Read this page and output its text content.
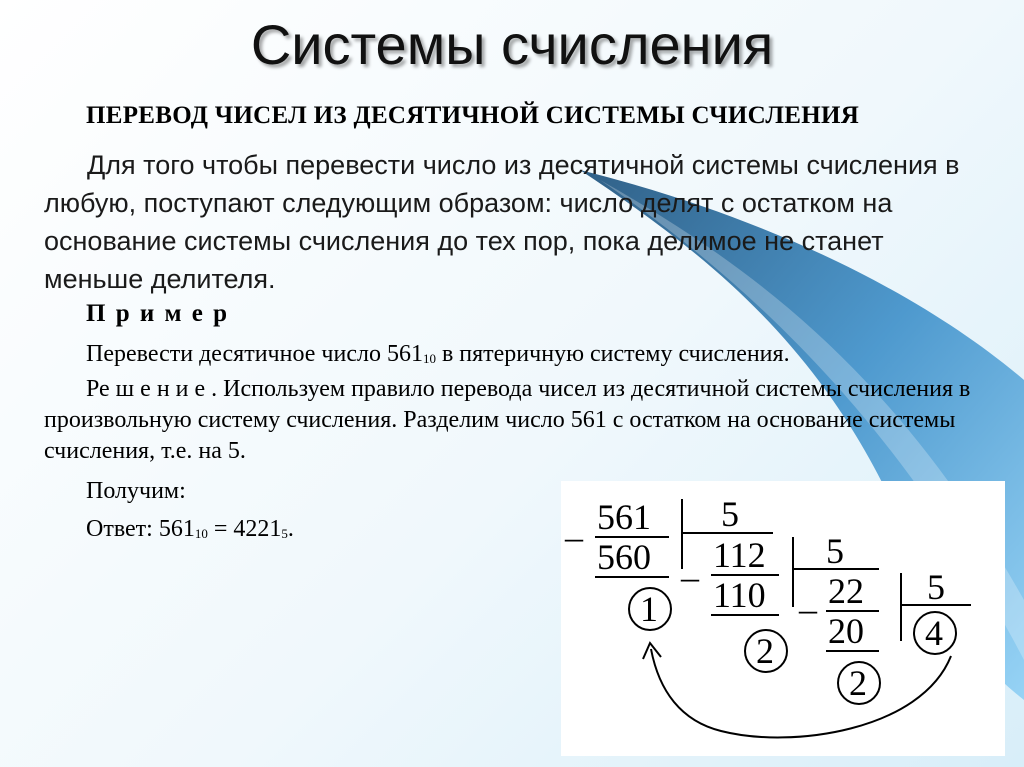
Системы счисления
ПЕРЕВОД ЧИСЕЛ ИЗ ДЕСЯТИЧНОЙ СИСТЕМЫ СЧИСЛЕНИЯ
Для того чтобы перевести число из десятичной системы счисления в любую, поступают следующим образом: число делят с остатком на основание системы счисления до тех пор, пока делимое не станет меньше делителя.
П р и м е р
Перевести десятичное число $561_{10}$ в пятеричную систему счисления.
Ре ш е н и е . Используем правило перевода чисел из десятичной системы счисления в произвольную систему счисления. Разделим число 561 с остатком на основание системы счисления, т.е. на 5.
Получим:
Ответ: $561_{10} = 4221_5$.	– 561
560
5
1
–
112
110
5
2
– 22
20
5
2
4
